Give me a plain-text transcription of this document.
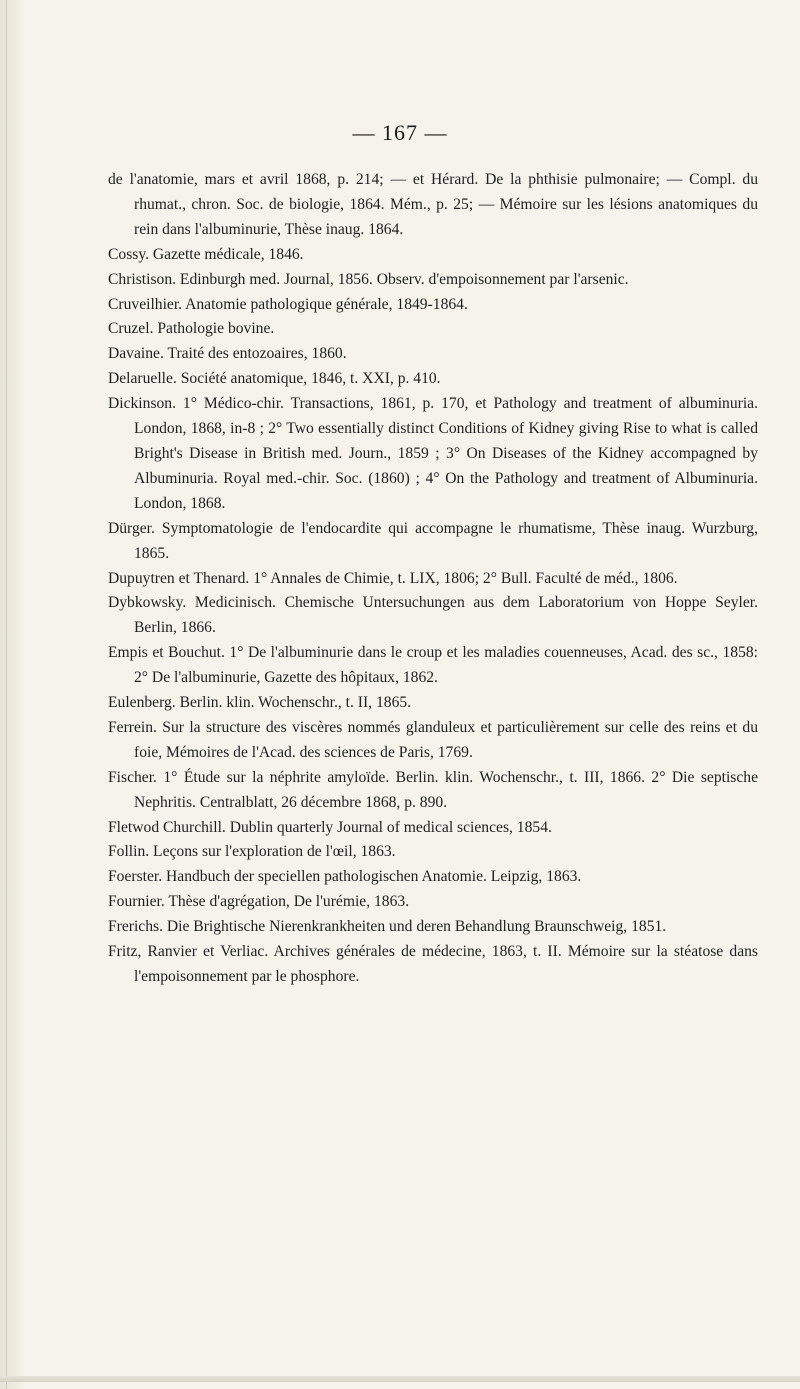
— 167 —

de l'anatomie, mars et avril 1868, p. 214; — et Hérard. De la phthisie pulmonaire; — Compl. du rhumat., chron. Soc. de biologie, 1864. Mém., p. 25; — Mémoire sur les lésions anatomiques du rein dans l'albuminurie, Thèse inaug. 1864.

Cossy. Gazette médicale, 1846.

Christison. Edinburgh med. Journal, 1856. Observ. d'empoisonnement par l'arsenic.

Cruveilhier. Anatomie pathologique générale, 1849-1864.

Cruzel. Pathologie bovine.

Davaine. Traité des entozoaires, 1860.

Delaruelle. Société anatomique, 1846, t. XXI, p. 410.

Dickinson. 1° Médico-chir. Transactions, 1861, p. 170, et Pathology and treatment of albuminuria. London, 1868, in-8 ; 2° Two essentially distinct Conditions of Kidney giving Rise to what is called Bright's Disease in British med. Journ., 1859 ; 3° On Diseases of the Kidney accompagned by Albuminuria. Royal med.-chir. Soc. (1860) ; 4° On the Pathology and treatment of Albuminuria. London, 1868.

Dürger. Symptomatologie de l'endocardite qui accompagne le rhumatisme, Thèse inaug. Wurzburg, 1865.

Dupuytren et Thenard. 1° Annales de Chimie, t. LIX, 1806; 2° Bull. Faculté de méd., 1806.

Dybkowsky. Medicinisch. Chemische Untersuchungen aus dem Laboratorium von Hoppe Seyler. Berlin, 1866.

Empis et Bouchut. 1° De l'albuminurie dans le croup et les maladies couenneuses, Acad. des sc., 1858: 2° De l'albuminurie, Gazette des hôpitaux, 1862.

Eulenberg. Berlin. klin. Wochenschr., t. II, 1865.

Ferrein. Sur la structure des viscères nommés glanduleux et particulièrement sur celle des reins et du foie, Mémoires de l'Acad. des sciences de Paris, 1769.

Fischer. 1° Étude sur la néphrite amyloïde. Berlin. klin. Wochenschr., t. III, 1866. 2° Die septische Nephritis. Centralblatt, 26 décembre 1868, p. 890.

Fletwod Churchill. Dublin quarterly Journal of medical sciences, 1854.

Follin. Leçons sur l'exploration de l'œil, 1863.

Foerster. Handbuch der speciellen pathologischen Anatomie. Leipzig, 1863.

Fournier. Thèse d'agrégation, De l'urémie, 1863.

Frerichs. Die Brightische Nierenkrankheiten und deren Behandlung Braunschweig, 1851.

Fritz, Ranvier et Verliac. Archives générales de médecine, 1863, t. II. Mémoire sur la stéatose dans l'empoisonnement par le phosphore.
